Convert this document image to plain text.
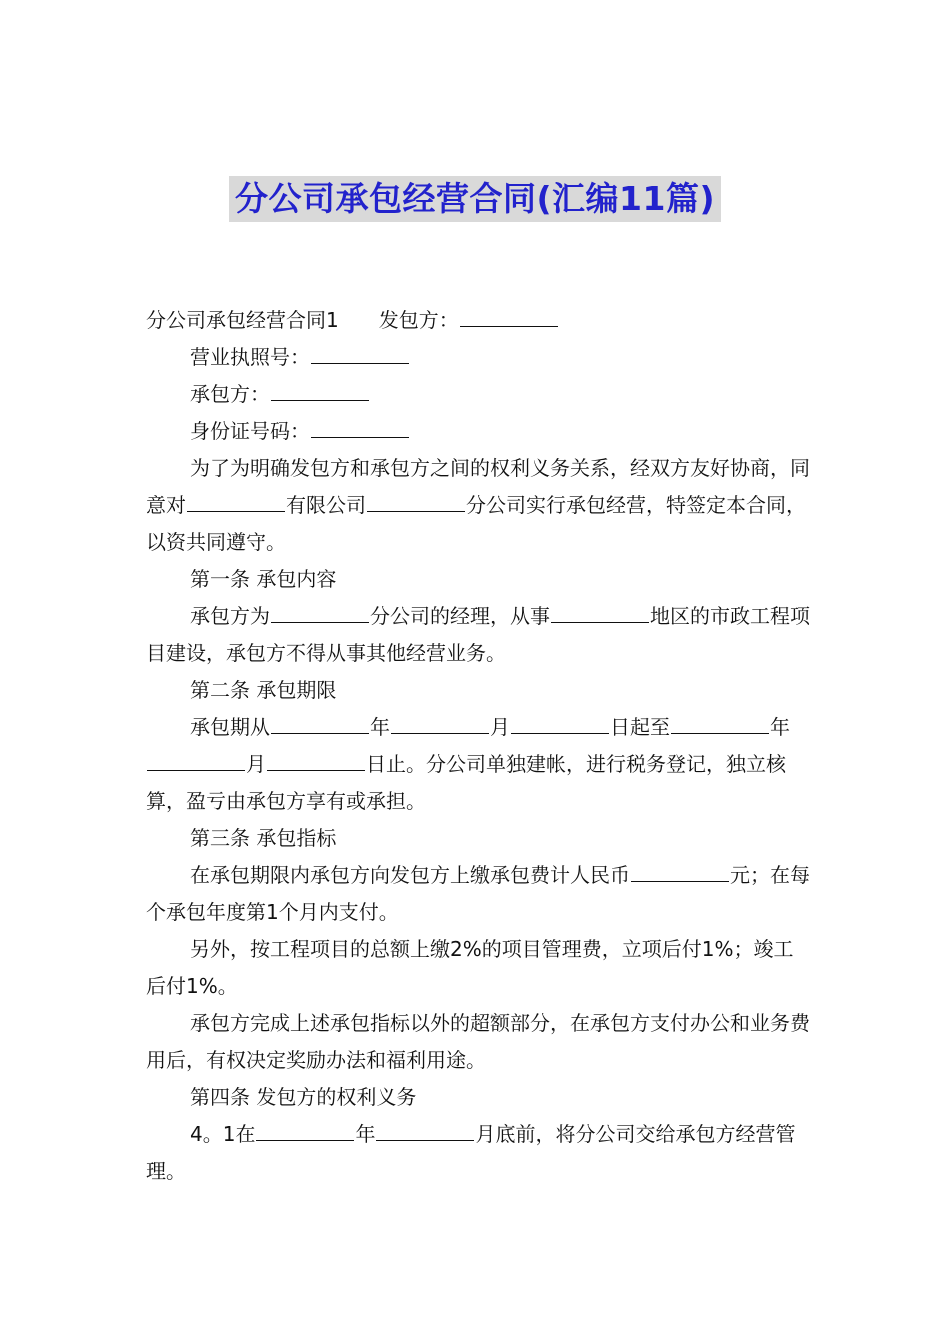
分公司承包经营合同(汇编11篇)

分公司承包经营合同1 发包方：

营业执照号：

承包方：

身份证号码：

为了为明确发包方和承包方之间的权利义务关系，经双方友好协商，同意对	有限公司	分公司实行承包经营，特签定本合同，以资共同遵守。

第一条 承包内容

承包方为	分公司的经理，从事	地区的市政工程项目建设，承包方不得从事其他经营业务。

第二条 承包期限

承包期从	年	月	日起至	年月	日止。分公司单独建帐，进行税务登记，独立核算，盈亏由承包方享有或承担。

第三条 承包指标

在承包期限内承包方向发包方上缴承包费计人民币	元；在每个承包年度第1个月内支付。

另外，按工程项目的总额上缴2%的项目管理费，立项后付1%；竣工后付1%。

承包方完成上述承包指标以外的超额部分，在承包方支付办公和业务费用后，有权决定奖励办法和福利用途。

第四条 发包方的权利义务

4。1在	年	月底前，将分公司交给承包方经营管理。
